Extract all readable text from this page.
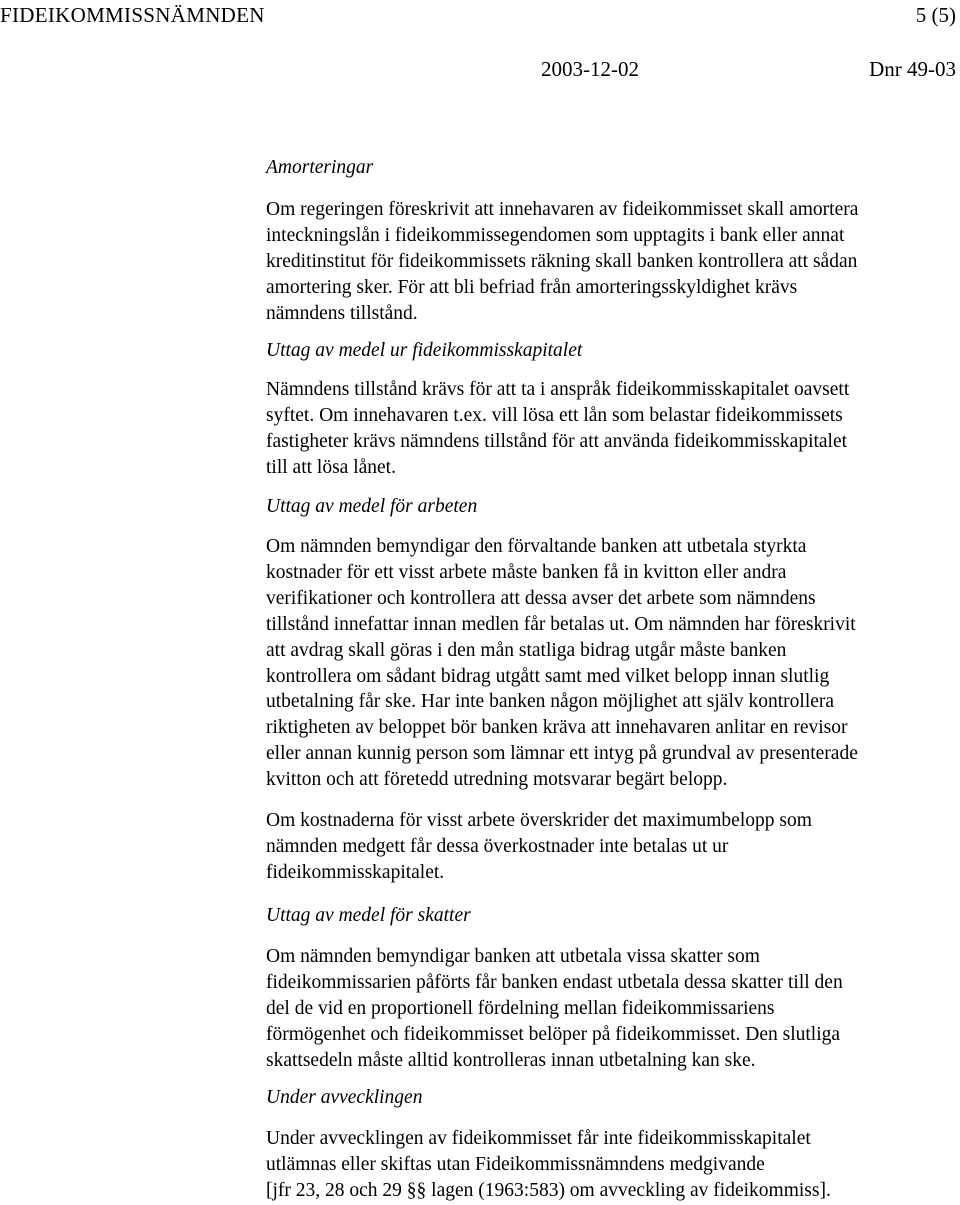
FIDEIKOMMISSNÄMNDEN	5 (5)
2003-12-02	Dnr 49-03
Amorteringar
Om regeringen föreskrivit att innehavaren av fideikommisset skall amortera
inteckningslån i fideikommissegendomen som upptagits i bank eller annat
kreditinstitut för fideikommissets räkning skall banken kontrollera att sådan
amortering sker. För att bli befriad från amorteringsskyldighet krävs
nämndens tillstånd.
Uttag av medel ur fideikommisskapitalet
Nämndens tillstånd krävs för att ta i anspråk fideikommisskapitalet oavsett
syftet. Om innehavaren t.ex. vill lösa ett lån som belastar fideikommissets
fastigheter krävs nämndens tillstånd för att använda fideikommisskapitalet
till att lösa lånet.
Uttag av medel för arbeten
Om nämnden bemyndigar den förvaltande banken att utbetala styrkta
kostnader för ett visst arbete måste banken få in kvitton eller andra
verifikationer och kontrollera att dessa avser det arbete som nämndens
tillstånd innefattar innan medlen får betalas ut. Om nämnden har föreskrivit
att avdrag skall göras i den mån statliga bidrag utgår måste banken
kontrollera om sådant bidrag utgått samt med vilket belopp innan slutlig
utbetalning får ske. Har inte banken någon möjlighet att själv kontrollera
riktigheten av beloppet bör banken kräva att innehavaren anlitar en revisor
eller annan kunnig person som lämnar ett intyg på grundval av presenterade
kvitton och att företedd utredning motsvarar begärt belopp.
Om kostnaderna för visst arbete överskrider det maximumbelopp som
nämnden medgett får dessa överkostnader inte betalas ut ur
fideikommisskapitalet.
Uttag av medel för skatter
Om nämnden bemyndigar banken att utbetala vissa skatter som
fideikommissarien påförts får banken endast utbetala dessa skatter till den
del de vid en proportionell fördelning mellan fideikommissariens
förmögenhet och fideikommisset belöper på fideikommisset. Den slutliga
skattsedeln måste alltid kontrolleras innan utbetalning kan ske.
Under avvecklingen
Under avvecklingen av fideikommisset får inte fideikommisskapitalet
utlämnas eller skiftas utan Fideikommissnämndens medgivande
[jfr 23, 28 och 29 §§ lagen (1963:583) om avveckling av fideikommiss].
